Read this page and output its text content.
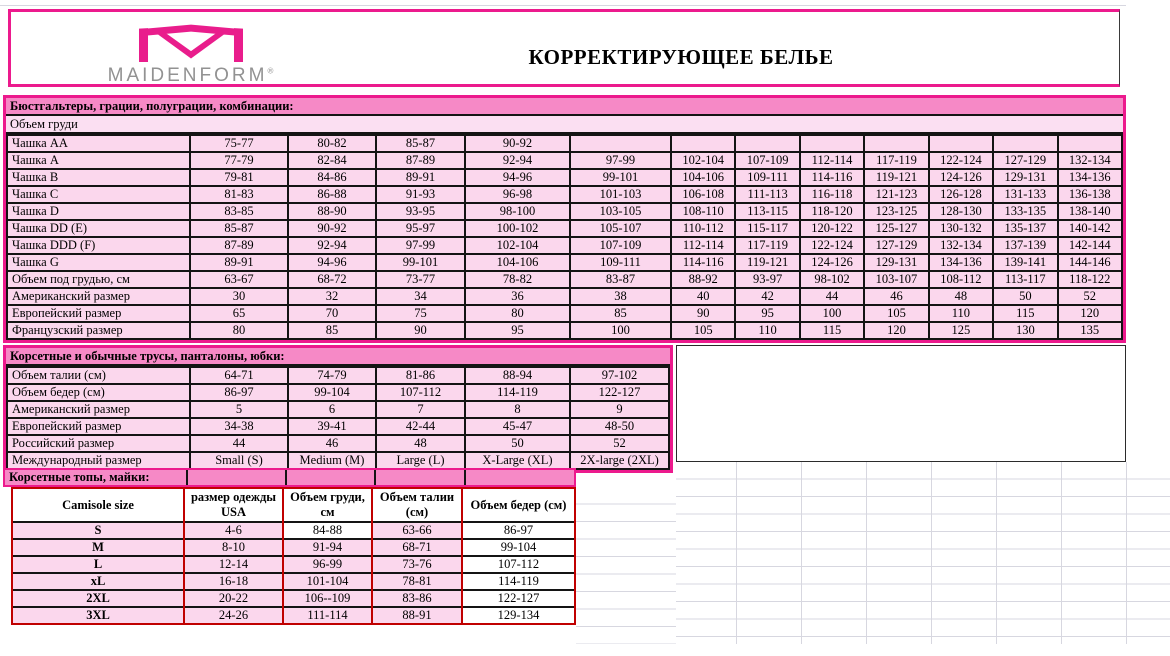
MAIDENFORM®
КОРРЕКТИРУЮЩЕЕ БЕЛЬЕ
Бюстгальтеры, грации, полуграции, комбинации:
Объем груди
Чашка AA	75-77	80-82	85-87	90-92								
Чашка A	77-79	82-84	87-89	92-94	97-99	102-104	107-109	112-114	117-119	122-124	127-129	132-134
Чашка B	79-81	84-86	89-91	94-96	99-101	104-106	109-111	114-116	119-121	124-126	129-131	134-136
Чашка C	81-83	86-88	91-93	96-98	101-103	106-108	111-113	116-118	121-123	126-128	131-133	136-138
Чашка D	83-85	88-90	93-95	98-100	103-105	108-110	113-115	118-120	123-125	128-130	133-135	138-140
Чашка DD (E)	85-87	90-92	95-97	100-102	105-107	110-112	115-117	120-122	125-127	130-132	135-137	140-142
Чашка DDD (F)	87-89	92-94	97-99	102-104	107-109	112-114	117-119	122-124	127-129	132-134	137-139	142-144
Чашка G	89-91	94-96	99-101	104-106	109-111	114-116	119-121	124-126	129-131	134-136	139-141	144-146
Объем под грудью, см	63-67	68-72	73-77	78-82	83-87	88-92	93-97	98-102	103-107	108-112	113-117	118-122
Американский размер	30	32	34	36	38	40	42	44	46	48	50	52
Европейский размер	65	70	75	80	85	90	95	100	105	110	115	120
Французский размер	80	85	90	95	100	105	110	115	120	125	130	135
Корсетные и обычные трусы, панталоны, юбки:
Объем талии (см)	64-71	74-79	81-86	88-94	97-102
Объем бедер (см)	86-97	99-104	107-112	114-119	122-127
Американский размер	5	6	7	8	9
Европейский размер	34-38	39-41	42-44	45-47	48-50
Российский размер	44	46	48	50	52
Международный размер	Small (S)	Medium (M)	Large (L)	X-Large (XL)	2X-large (2XL)
Корсетные топы, майки:
Camisole size	размер одежды USA	Объем груди, см	Объем талии (см)	Объем бедер (см)
S	4-6	84-88	63-66	86-97
M	8-10	91-94	68-71	99-104
L	12-14	96-99	73-76	107-112
xL	16-18	101-104	78-81	114-119
2XL	20-22	106--109	83-86	122-127
3XL	24-26	111-114	88-91	129-134
